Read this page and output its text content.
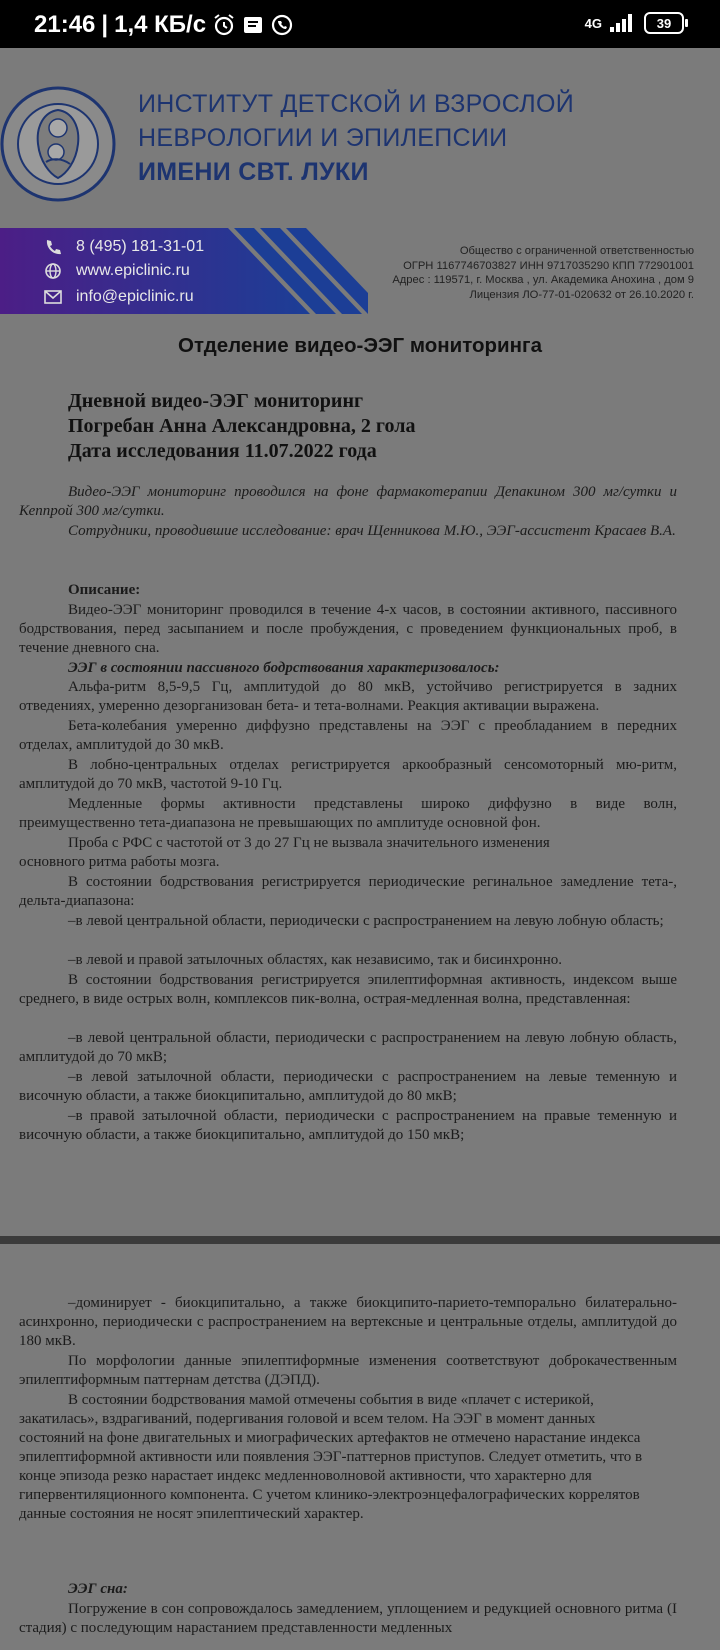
21:46 | 1,4 КБ/с	4G	39
ИНСТИТУТ ДЕТСКОЙ И ВЗРОСЛОЙ
НЕВРОЛОГИИ И ЭПИЛЕПСИИ
ИМЕНИ СВТ. ЛУКИ
8 (495) 181-31-01
www.epiclinic.ru
info@epiclinic.ru
Общество с ограниченной ответственностью
ОГРН 1167746703827 ИНН 9717035290 КПП 772901001
Адрес : 119571, г. Москва , ул. Академика Анохина , дом 9
Лицензия ЛО-77-01-020632 от 26.10.2020 г.
Отделение видео-ЭЭГ мониторинга
Дневной видео-ЭЭГ мониторинг
Погребан Анна Александровна, 2 гола
Дата исследования 11.07.2022 года

Видео-ЭЭГ мониторинг проводился на фоне фармакотерапии Депакином 300 мг/сутки и Кеппрой 300 мг/сутки.

Сотрудники, проводившие исследование: врач Щенникова М.Ю., ЭЭГ-ассистент Красаев В.А.

Описание:

Видео-ЭЭГ мониторинг проводился в течение 4-х часов, в состоянии активного, пассивного бодрствования, перед засыпанием и после пробуждения, с проведением функциональных проб, в течение дневного сна.

ЭЭГ в состоянии пассивного бодрствования характеризовалось:

Альфа-ритм 8,5-9,5 Гц, амплитудой до 80 мкВ, устойчиво регистрируется в задних отведениях, умеренно дезорганизован бета- и тета-волнами. Реакция активации выражена.

Бета-колебания умеренно диффузно представлены на ЭЭГ с преобладанием в передних отделах, амплитудой до 30 мкВ.

В лобно-центральных отделах регистрируется аркообразный сенсомоторный мю-ритм, амплитудой до 70 мкВ, частотой 9-10 Гц.

Медленные формы активности представлены широко диффузно в виде волн, преимущественно тета-диапазона не превышающих по амплитуде основной фон.

Проба с РФС с частотой от 3 до 27 Гц не вызвала значительного изменения основного ритма работы мозга.

В состоянии бодрствования регистрируется периодические регинальное замедление тета-, дельта-диапазона:

–в левой центральной области, периодически с распространением на левую лобную область;

–в левой и правой затылочных областях, как независимо, так и бисинхронно.

В состоянии бодрствования регистрируется эпилептиформная активность, индексом выше среднего, в виде острых волн, комплексов пик-волна, острая-медленная волна, представленная:

–в левой центральной области, периодически с распространением на левую лобную область, амплитудой до 70 мкВ;

–в левой затылочной области, периодически с распространением на левые теменную и височную области, а также биокципитально, амплитудой до 80 мкВ;

–в правой затылочной области, периодически с распространением на правые теменную и височную области, а также биокципитально, амплитудой до 150 мкВ;

–доминирует - биокципитально, а также биокципито-париетo-темпорально билатерально-асинхронно, периодически с распространением на вертексные и центральные отделы, амплитудой до 180 мкВ.

По морфологии данные эпилептиформные изменения соответствуют доброкачественным эпилептиформным паттернам детства (ДЭПД).

В состоянии бодрствования мамой отмечены события в виде «плачет с истерикой, закатилась», вздрагиваний, подергивания головой и всем телом. На ЭЭГ в момент данных состояний на фоне двигательных и миографических артефактов не отмечено нарастание индекса эпилептиформной активности или появления ЭЭГ-паттернов приступов. Следует отметить, что в конце эпизода резко нарастает индекс медленноволновой активности, что характерно для гипервентиляционного компонента. С учетом клинико-электроэнцефалографических коррелятов данные состояния не носят эпилептический характер.

ЭЭГ сна:

Погружение в сон сопровождалось замедлением, уплощением и редукцией основного ритма (I стадия) с последующим нарастанием представленности медленных
